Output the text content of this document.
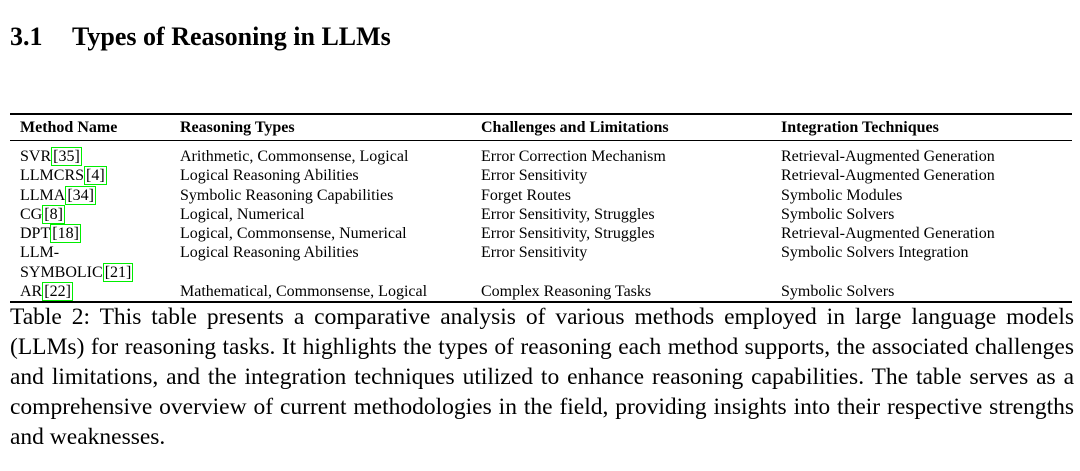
3.1 Types of Reasoning in LLMs
Method Name	Reasoning Types	Challenges and Limitations	Integration Techniques
SVR [35]	Arithmetic, Commonsense, Logical	Error Correction Mechanism	Retrieval-Augmented Generation
LLMCRS [4]	Logical Reasoning Abilities	Error Sensitivity	Retrieval-Augmented Generation
LLMA [34]	Symbolic Reasoning Capabilities	Forget Routes	Symbolic Modules
CG [8]	Logical, Numerical	Error Sensitivity, Struggles	Symbolic Solvers
DPT [18]	Logical, Commonsense, Numerical	Error Sensitivity, Struggles	Retrieval-Augmented Generation
LLM-SYMBOLIC [21]	Logical Reasoning Abilities	Error Sensitivity	Symbolic Solvers Integration
AR [22]	Mathematical, Commonsense, Logical	Complex Reasoning Tasks	Symbolic Solvers
Table 2: This table presents a comparative analysis of various methods employed in large language models (LLMs) for reasoning tasks. It highlights the types of reasoning each method supports, the associated challenges and limitations, and the integration techniques utilized to enhance reasoning capabilities. The table serves as a comprehensive overview of current methodologies in the field, providing insights into their respective strengths and weaknesses.
